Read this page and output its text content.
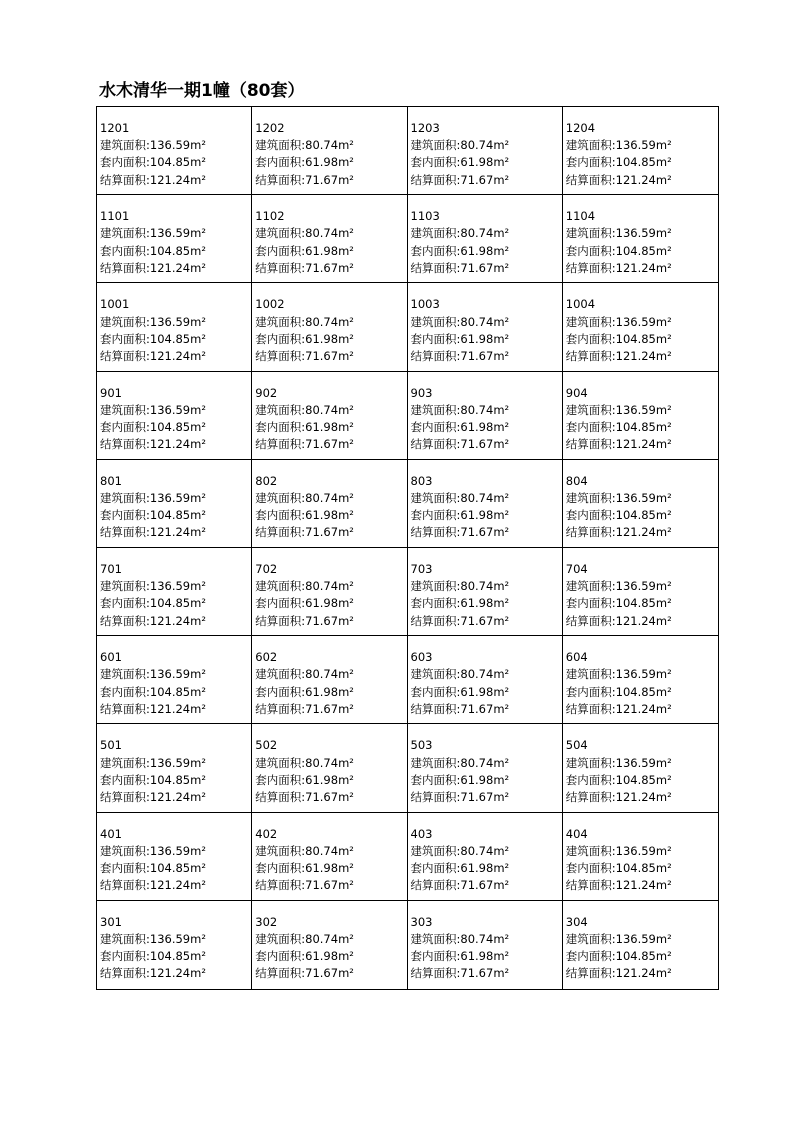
水木清华一期1幢（80套）
1201
建筑面积:136.59m²
套内面积:104.85m²
结算面积:121.24m²
1202
建筑面积:80.74m²
套内面积:61.98m²
结算面积:71.67m²
1203
建筑面积:80.74m²
套内面积:61.98m²
结算面积:71.67m²
1204
建筑面积:136.59m²
套内面积:104.85m²
结算面积:121.24m²
1101
建筑面积:136.59m²
套内面积:104.85m²
结算面积:121.24m²
1102
建筑面积:80.74m²
套内面积:61.98m²
结算面积:71.67m²
1103
建筑面积:80.74m²
套内面积:61.98m²
结算面积:71.67m²
1104
建筑面积:136.59m²
套内面积:104.85m²
结算面积:121.24m²
1001
建筑面积:136.59m²
套内面积:104.85m²
结算面积:121.24m²
1002
建筑面积:80.74m²
套内面积:61.98m²
结算面积:71.67m²
1003
建筑面积:80.74m²
套内面积:61.98m²
结算面积:71.67m²
1004
建筑面积:136.59m²
套内面积:104.85m²
结算面积:121.24m²
901
建筑面积:136.59m²
套内面积:104.85m²
结算面积:121.24m²
902
建筑面积:80.74m²
套内面积:61.98m²
结算面积:71.67m²
903
建筑面积:80.74m²
套内面积:61.98m²
结算面积:71.67m²
904
建筑面积:136.59m²
套内面积:104.85m²
结算面积:121.24m²
801
建筑面积:136.59m²
套内面积:104.85m²
结算面积:121.24m²
802
建筑面积:80.74m²
套内面积:61.98m²
结算面积:71.67m²
803
建筑面积:80.74m²
套内面积:61.98m²
结算面积:71.67m²
804
建筑面积:136.59m²
套内面积:104.85m²
结算面积:121.24m²
701
建筑面积:136.59m²
套内面积:104.85m²
结算面积:121.24m²
702
建筑面积:80.74m²
套内面积:61.98m²
结算面积:71.67m²
703
建筑面积:80.74m²
套内面积:61.98m²
结算面积:71.67m²
704
建筑面积:136.59m²
套内面积:104.85m²
结算面积:121.24m²
601
建筑面积:136.59m²
套内面积:104.85m²
结算面积:121.24m²
602
建筑面积:80.74m²
套内面积:61.98m²
结算面积:71.67m²
603
建筑面积:80.74m²
套内面积:61.98m²
结算面积:71.67m²
604
建筑面积:136.59m²
套内面积:104.85m²
结算面积:121.24m²
501
建筑面积:136.59m²
套内面积:104.85m²
结算面积:121.24m²
502
建筑面积:80.74m²
套内面积:61.98m²
结算面积:71.67m²
503
建筑面积:80.74m²
套内面积:61.98m²
结算面积:71.67m²
504
建筑面积:136.59m²
套内面积:104.85m²
结算面积:121.24m²
401
建筑面积:136.59m²
套内面积:104.85m²
结算面积:121.24m²
402
建筑面积:80.74m²
套内面积:61.98m²
结算面积:71.67m²
403
建筑面积:80.74m²
套内面积:61.98m²
结算面积:71.67m²
404
建筑面积:136.59m²
套内面积:104.85m²
结算面积:121.24m²
301
建筑面积:136.59m²
套内面积:104.85m²
结算面积:121.24m²
302
建筑面积:80.74m²
套内面积:61.98m²
结算面积:71.67m²
303
建筑面积:80.74m²
套内面积:61.98m²
结算面积:71.67m²
304
建筑面积:136.59m²
套内面积:104.85m²
结算面积:121.24m²
